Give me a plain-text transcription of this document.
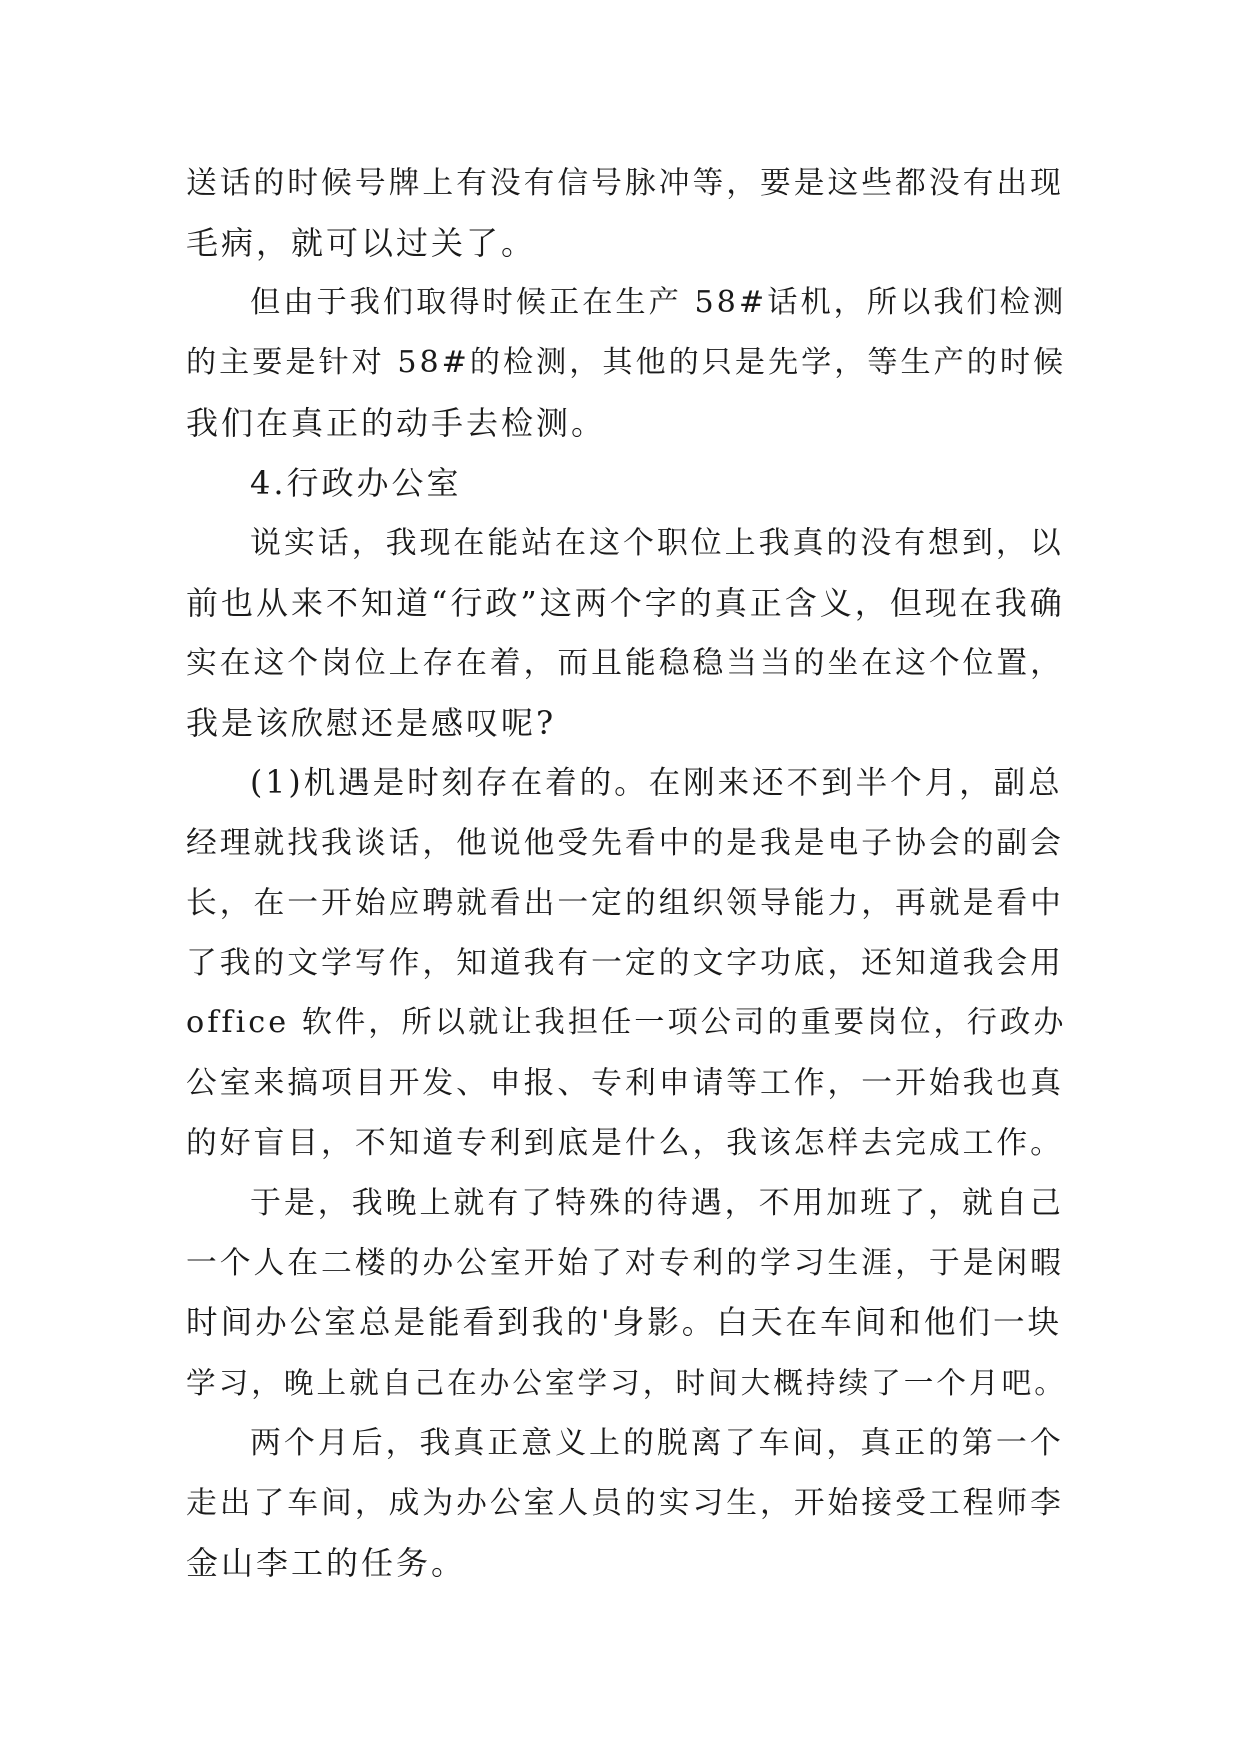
送话的时候号牌上有没有信号脉冲等，要是这些都没有出现
毛病，就可以过关了。
但由于我们取得时候正在生产 58#话机，所以我们检测
的主要是针对 58#的检测，其他的只是先学，等生产的时候
我们在真正的动手去检测。
4.行政办公室
说实话，我现在能站在这个职位上我真的没有想到，以
前也从来不知道“行政”这两个字的真正含义，但现在我确
实在这个岗位上存在着，而且能稳稳当当的坐在这个位置，
我是该欣慰还是感叹呢?
(1)机遇是时刻存在着的。在刚来还不到半个月，副总
经理就找我谈话，他说他受先看中的是我是电子协会的副会
长，在一开始应聘就看出一定的组织领导能力，再就是看中
了我的文学写作，知道我有一定的文字功底，还知道我会用
office 软件，所以就让我担任一项公司的重要岗位，行政办
公室来搞项目开发、申报、专利申请等工作，一开始我也真
的好盲目，不知道专利到底是什么，我该怎样去完成工作。
于是，我晚上就有了特殊的待遇，不用加班了，就自己
一个人在二楼的办公室开始了对专利的学习生涯，于是闲暇
时间办公室总是能看到我的'身影。白天在车间和他们一块
学习，晚上就自己在办公室学习，时间大概持续了一个月吧。
两个月后，我真正意义上的脱离了车间，真正的第一个
走出了车间，成为办公室人员的实习生，开始接受工程师李
金山李工的任务。
